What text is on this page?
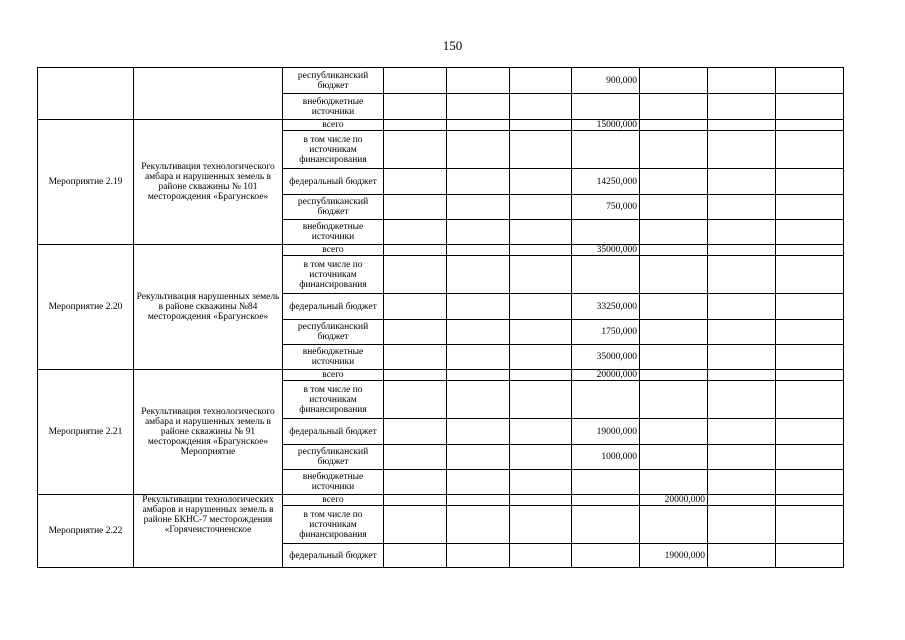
150
		республиканский бюджет				900,000			
		внебюджетные источники							
Мероприятие 2.19	Рекультивация технологического амбара и нарушенных земель в районе скважины № 101 месторождения «Брагунское»	всего				15000,000			
		в том числе по источникам финансирования							
		федеральный бюджет				14250,000			
		республиканский бюджет				750,000			
		внебюджетные источники							
Мероприятие 2.20	Рекультивация нарушенных земель в районе скважины №84 месторождения «Брагунское»	всего				35000,000			
		в том числе по источникам финансирования							
		федеральный бюджет				33250,000			
		республиканский бюджет				1750,000			
		внебюджетные источники				35000,000			
Мероприятие 2.21	Рекультивация технологического амбара и нарушенных земель в районе скважины № 91 месторождения «Брагунское» Мероприятие	всего				20000,000			
		в том числе по источникам финансирования							
		федеральный бюджет				19000,000			
		республиканский бюджет				1000,000			
		внебюджетные источники							
Мероприятие 2.22	Рекультивации технологических амбаров и нарушенных земель в районе БКНС-7 месторождения «Горячеисточненское	всего					20000,000		
		в том числе по источникам финансирования							
		федеральный бюджет					19000,000		
